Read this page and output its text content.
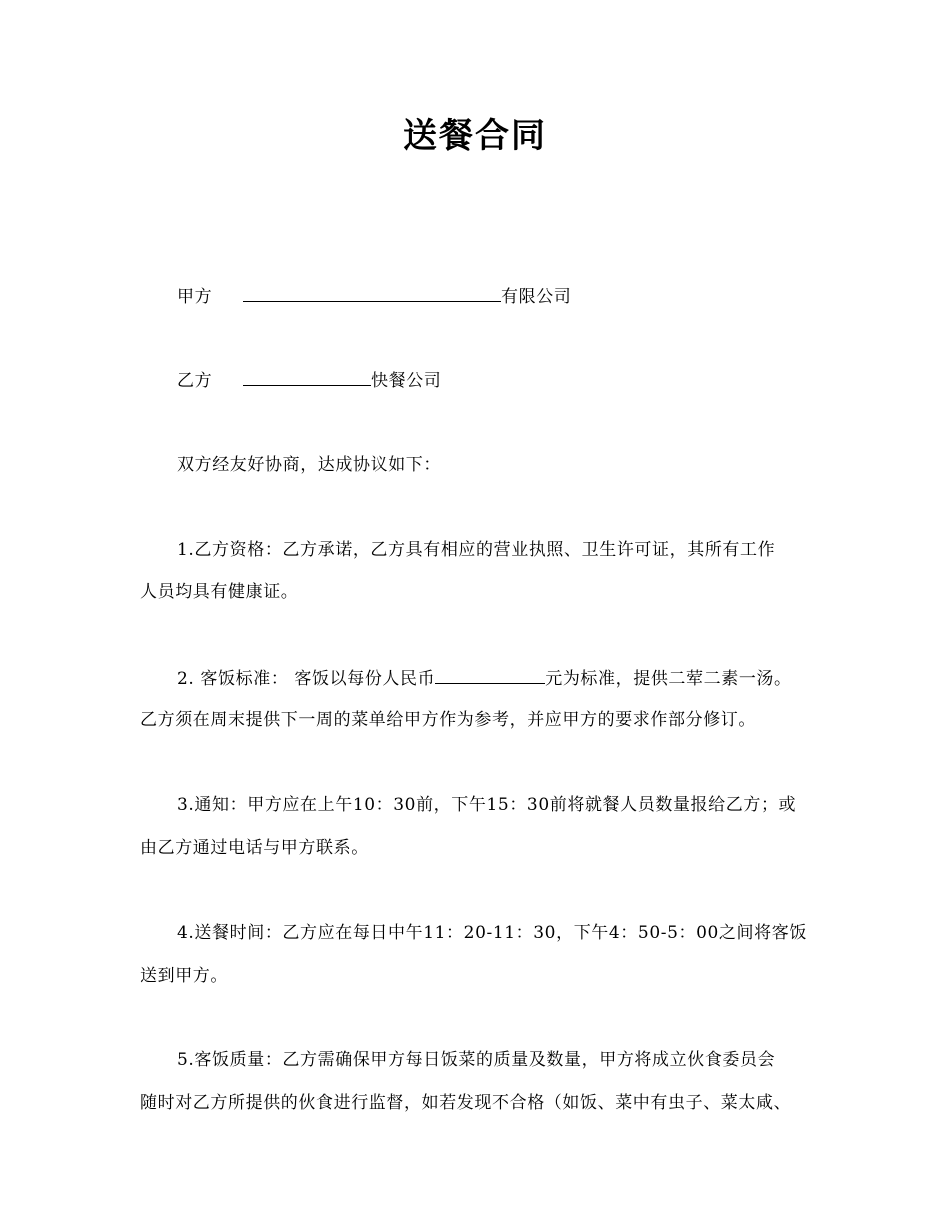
送餐合同
甲方	有限公司
乙方	快餐公司
双方经友好协商，达成协议如下：
1.乙方资格：乙方承诺，乙方具有相应的营业执照、卫生许可证，其所有工作
人员均具有健康证。
2. 客饭标准： 客饭以每份人民币	元为标准，提供二荤二素一汤。
乙方须在周末提供下一周的菜单给甲方作为参考，并应甲方的要求作部分修订。
3.通知：甲方应在上午10：30前，下午15：30前将就餐人员数量报给乙方；或
由乙方通过电话与甲方联系。
4.送餐时间：乙方应在每日中午11：20-11：30，下午4：50-5：00之间将客饭
送到甲方。
5.客饭质量：乙方需确保甲方每日饭菜的质量及数量，甲方将成立伙食委员会
随时对乙方所提供的伙食进行监督，如若发现不合格（如饭、菜中有虫子、菜太咸、
